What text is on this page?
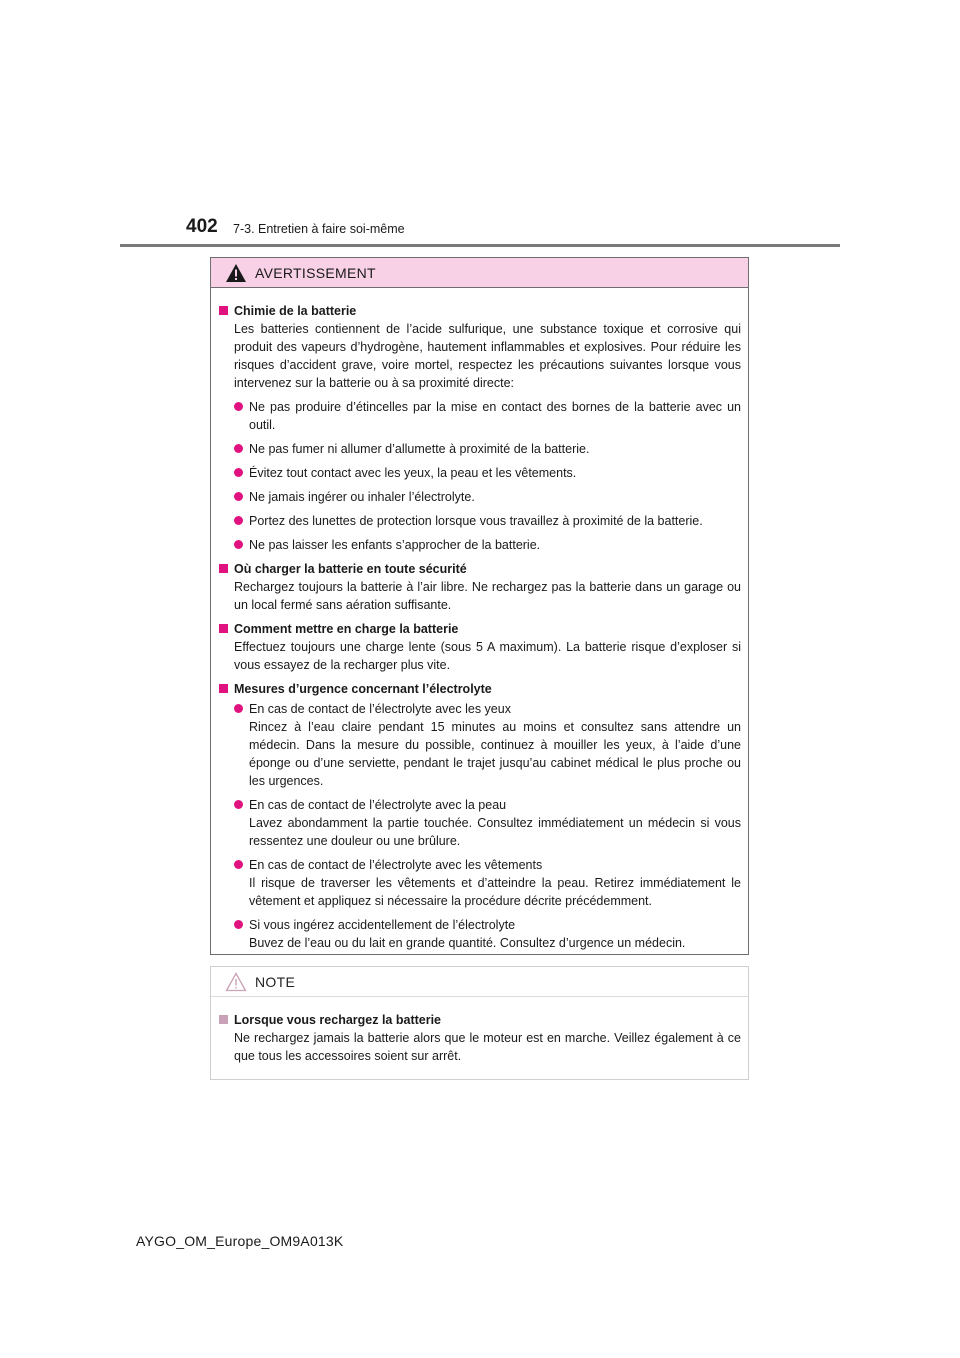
402 7-3. Entretien à faire soi-même
AVERTISSEMENT
Chimie de la batterie
Les batteries contiennent de l’acide sulfurique, une substance toxique et corrosive qui produit des vapeurs d’hydrogène, hautement inflammables et explosives. Pour réduire les risques d’accident grave, voire mortel, respectez les précautions suivantes lorsque vous intervenez sur la batterie ou à sa proximité directe:
Ne pas produire d’étincelles par la mise en contact des bornes de la batterie avec un outil.
Ne pas fumer ni allumer d’allumette à proximité de la batterie.
Évitez tout contact avec les yeux, la peau et les vêtements.
Ne jamais ingérer ou inhaler l’électrolyte.
Portez des lunettes de protection lorsque vous travaillez à proximité de la batterie.
Ne pas laisser les enfants s’approcher de la batterie.
Où charger la batterie en toute sécurité
Rechargez toujours la batterie à l’air libre. Ne rechargez pas la batterie dans un garage ou un local fermé sans aération suffisante.
Comment mettre en charge la batterie
Effectuez toujours une charge lente (sous 5 A maximum). La batterie risque d’exploser si vous essayez de la recharger plus vite.
Mesures d’urgence concernant l’électrolyte
En cas de contact de l’électrolyte avec les yeux
Rincez à l’eau claire pendant 15 minutes au moins et consultez sans attendre un médecin. Dans la mesure du possible, continuez à mouiller les yeux, à l’aide d’une éponge ou d’une serviette, pendant le trajet jusqu’au cabinet médical le plus proche ou les urgences.
En cas de contact de l’électrolyte avec la peau
Lavez abondamment la partie touchée. Consultez immédiatement un médecin si vous ressentez une douleur ou une brûlure.
En cas de contact de l’électrolyte avec les vêtements
Il risque de traverser les vêtements et d’atteindre la peau. Retirez immédiatement le vêtement et appliquez si nécessaire la procédure décrite précédemment.
Si vous ingérez accidentellement de l’électrolyte
Buvez de l’eau ou du lait en grande quantité. Consultez d’urgence un médecin.
NOTE
Lorsque vous rechargez la batterie
Ne rechargez jamais la batterie alors que le moteur est en marche. Veillez également à ce que tous les accessoires soient sur arrêt.
AYGO_OM_Europe_OM9A013K
